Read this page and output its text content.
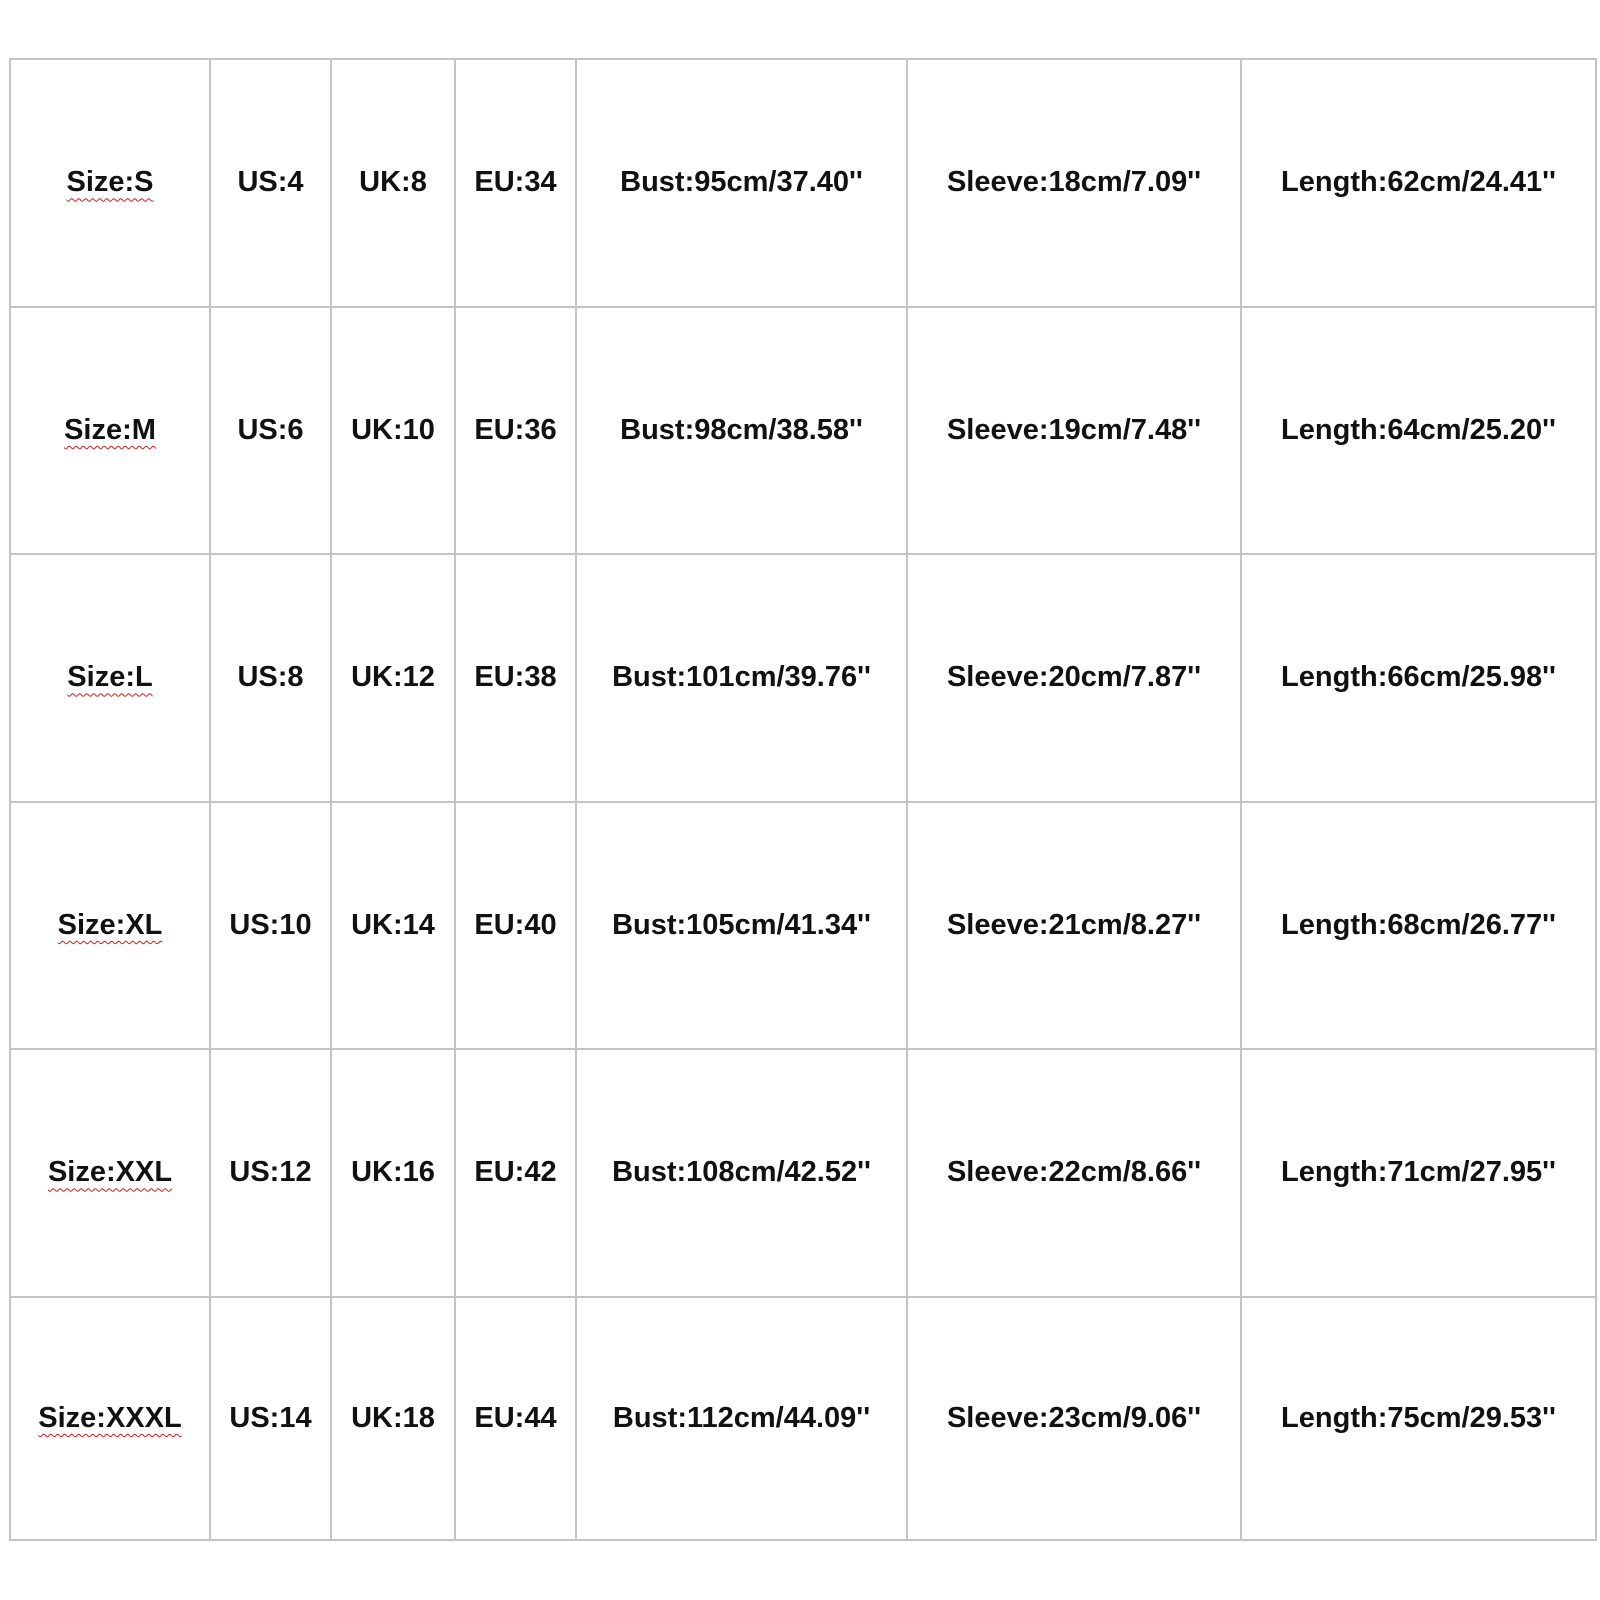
Size:S	US:4	UK:8	EU:34	Bust:95cm/37.40''	Sleeve:18cm/7.09''	Length:62cm/24.41''
Size:M	US:6	UK:10	EU:36	Bust:98cm/38.58''	Sleeve:19cm/7.48''	Length:64cm/25.20''
Size:L	US:8	UK:12	EU:38	Bust:101cm/39.76''	Sleeve:20cm/7.87''	Length:66cm/25.98''
Size:XL	US:10	UK:14	EU:40	Bust:105cm/41.34''	Sleeve:21cm/8.27''	Length:68cm/26.77''
Size:XXL	US:12	UK:16	EU:42	Bust:108cm/42.52''	Sleeve:22cm/8.66''	Length:71cm/27.95''
Size:XXXL	US:14	UK:18	EU:44	Bust:112cm/44.09''	Sleeve:23cm/9.06''	Length:75cm/29.53''
